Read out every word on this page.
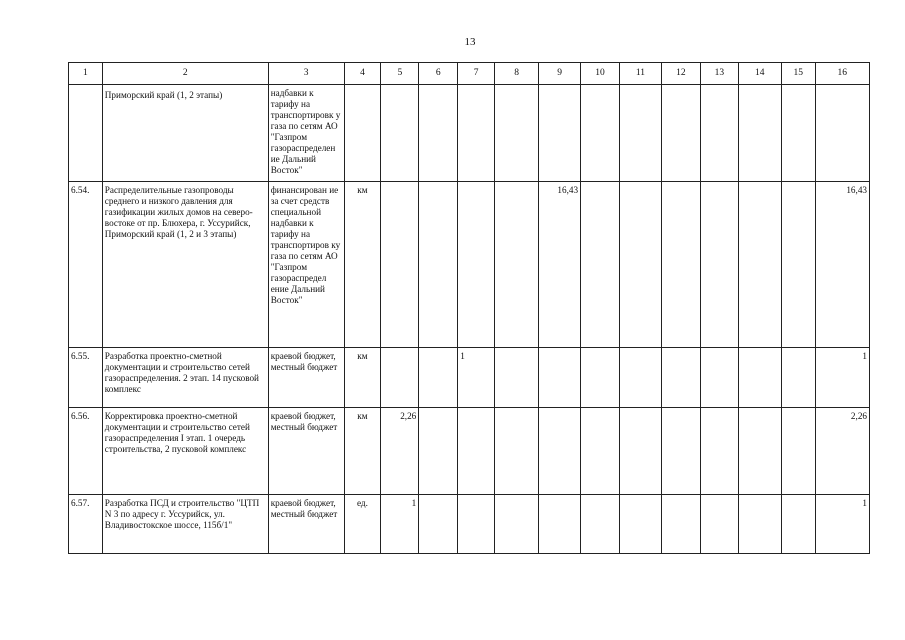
13
1	2	3	4	5	6	7	8	9	10	11	12	13	14	15	16
	Приморский край (1, 2 этапы)	надбавки к тарифу на транспортировк у газа по сетям АО "Газпром газораспределен ие Дальний Восток"													
6.54.	Распределительные газопроводы среднего и низкого давления для газификации жилых домов на северо-востоке от пр. Блюхера, г. Уссурийск, Приморский край (1, 2 и 3 этапы)	финансирован ие за счет средств специальной надбавки к тарифу на транспортиров ку газа по сетям АО "Газпром газораспредел ение Дальний Восток"	км					16,43							16,43
6.55.	Разработка проектно-сметной документации и строительство сетей газораспределения. 2 этап. 14 пусковой комплекс	краевой бюджет, местный бюджет	км			1									1
6.56.	Корректировка проектно-сметной документации и строительство сетей газораспределения I этап. 1 очередь строительства, 2 пусковой комплекс	краевой бюджет, местный бюджет	км	2,26											2,26
6.57.	Разработка ПСД и строительство "ЦТП N 3 по адресу г. Уссурийск, ул. Владивостокское шоссе, 115б/1"	краевой бюджет, местный бюджет	ед.	1											1
